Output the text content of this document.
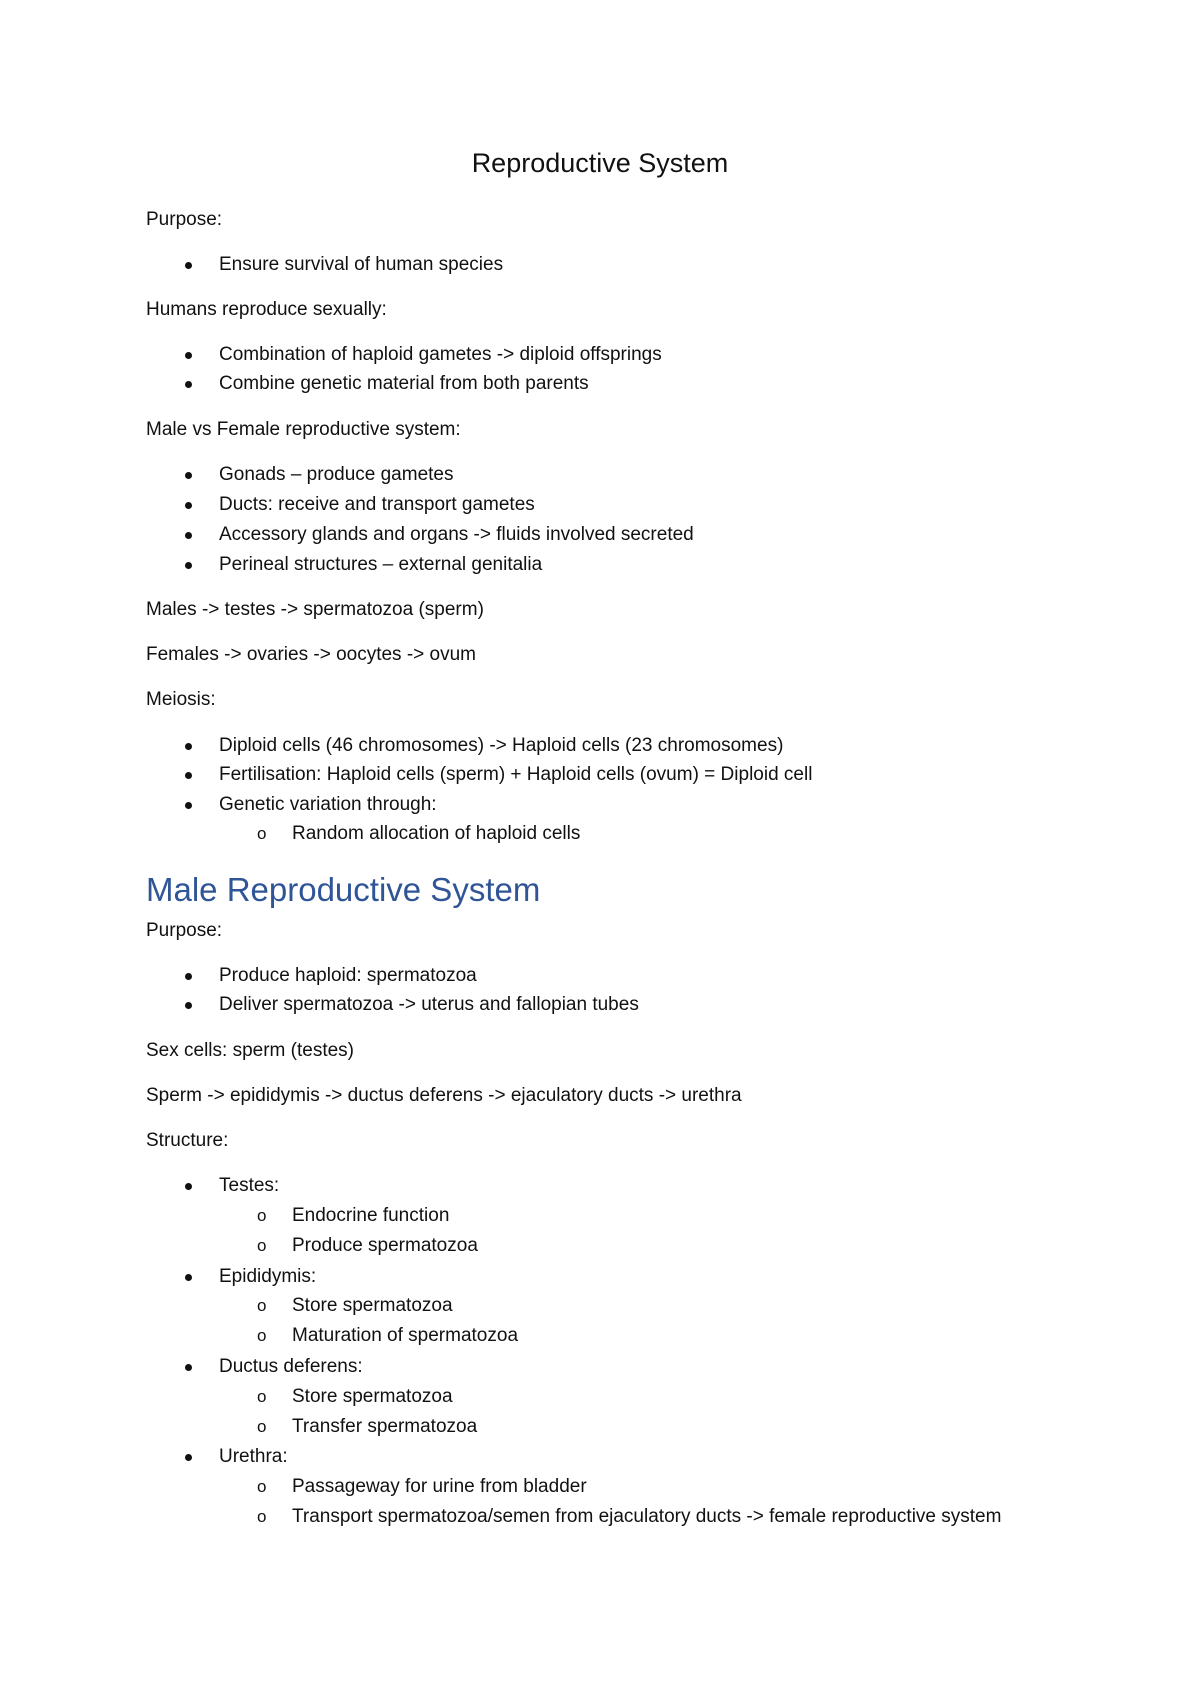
Reproductive System
Purpose:
Ensure survival of human species
Humans reproduce sexually:
Combination of haploid gametes -> diploid offsprings
Combine genetic material from both parents
Male vs Female reproductive system:
Gonads – produce gametes
Ducts: receive and transport gametes
Accessory glands and organs -> fluids involved secreted
Perineal structures – external genitalia
Males -> testes -> spermatozoa (sperm)
Females -> ovaries -> oocytes -> ovum
Meiosis:
Diploid cells (46 chromosomes) -> Haploid cells (23 chromosomes)
Fertilisation: Haploid cells (sperm) + Haploid cells (ovum) = Diploid cell
Genetic variation through:
o Random allocation of haploid cells
Male Reproductive System
Purpose:
Produce haploid: spermatozoa
Deliver spermatozoa -> uterus and fallopian tubes
Sex cells: sperm (testes)
Sperm -> epididymis -> ductus deferens -> ejaculatory ducts -> urethra
Structure:
Testes:
o Endocrine function
o Produce spermatozoa
Epididymis:
o Store spermatozoa
o Maturation of spermatozoa
Ductus deferens:
o Store spermatozoa
o Transfer spermatozoa
Urethra:
o Passageway for urine from bladder
o Transport spermatozoa/semen from ejaculatory ducts -> female reproductive system
